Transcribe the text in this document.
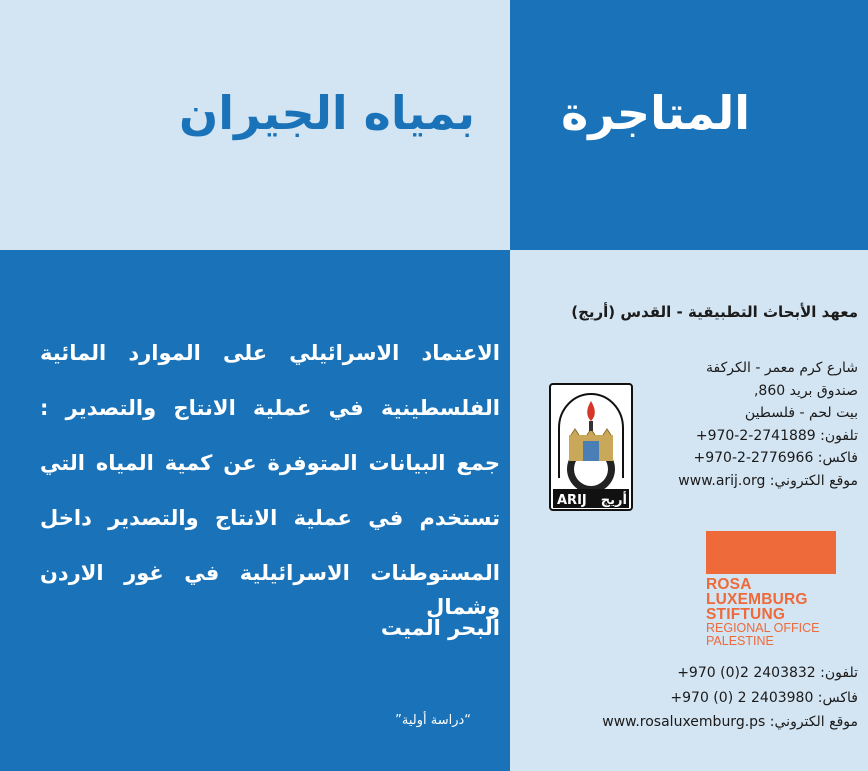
المتاجرة
بمياه الجيران
الاعتماد الاسرائيلي على الموارد المائية
الفلسطينية في عملية الانتاج والتصدير :
جمع البيانات المتوفرة عن كمية المياه التي
تستخدم في عملية الانتاج والتصدير داخل
المستوطنات الاسرائيلية في غور الاردن وشمال
البحر الميت
“دراسة أولية”
معهد الأبحاث التطبيقية - القدس (أريج)
شارع كرم معمر - الكركفة
صندوق بريد 860,
بيت لحم - فلسطين
تلفون: 2741889-2-970+
فاكس: 2776966-2-970+
موقع الكتروني: www.arij.org
ARIJ أريج
ROSA
LUXEMBURG
STIFTUNG
REGIONAL OFFICE
PALESTINE
تلفون: 2403832 2(0) 970+
فاكس: 2403980 2 (0) 970+
موقع الكتروني: www.rosaluxemburg.ps
